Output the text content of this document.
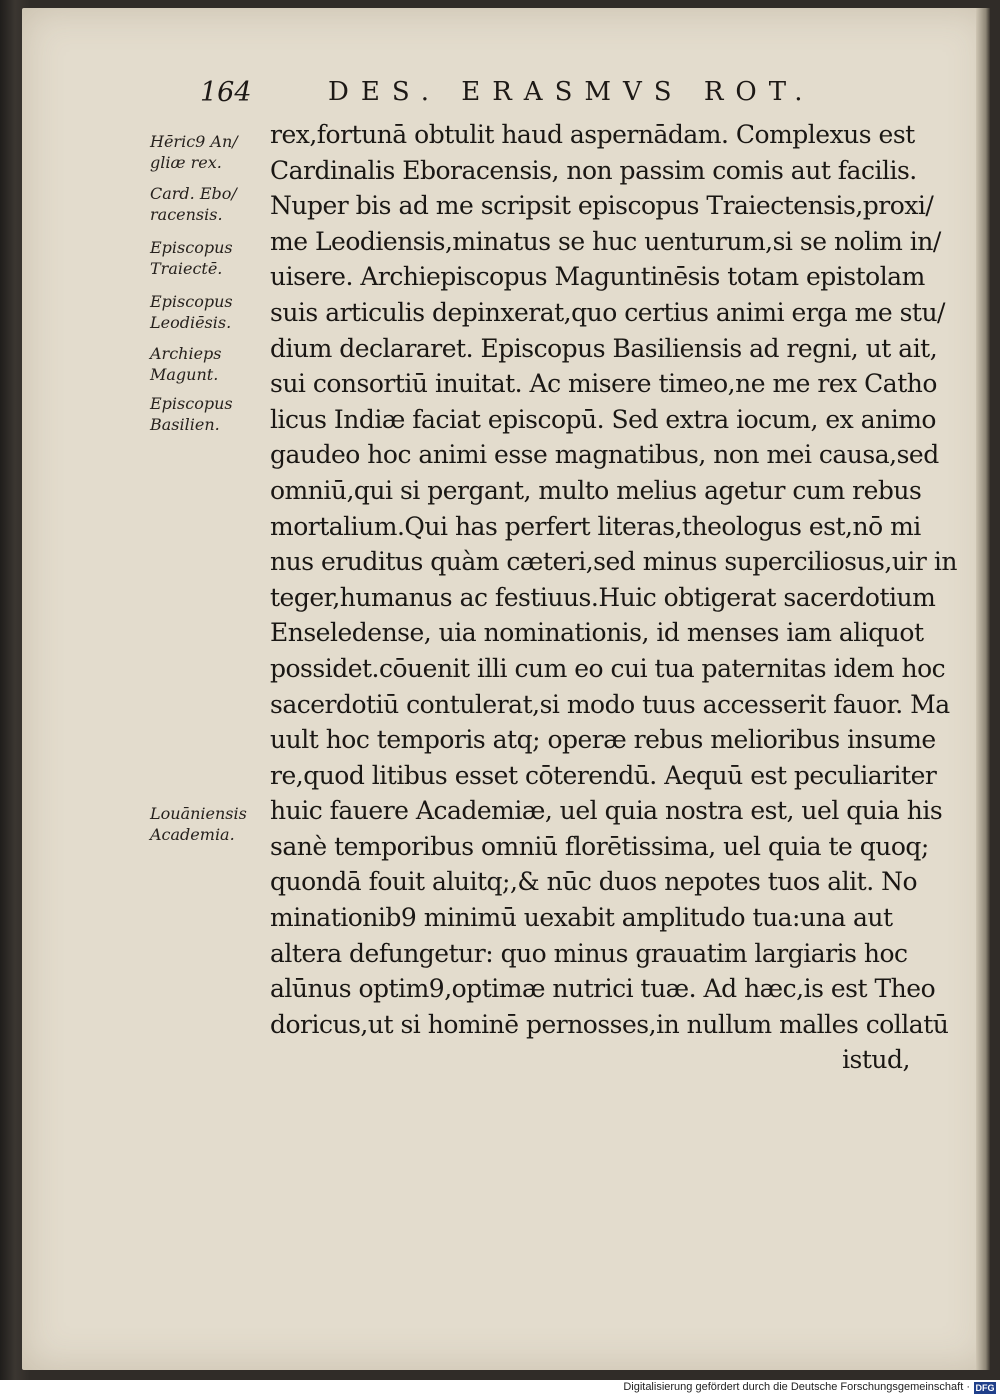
164	DES. ERASMVS ROT.
Hēric9 An/
gliæ rex.
Card. Ebo/
racensis.
Episcopus
Traiectē.
Episcopus
Leodiēsis.
Archieps
Magunt.
Episcopus
Basilien.
Louāniensis
Academia.
rex,fortunā obtulit haud aspernādam. Complexus est
Cardinalis Eboracensis, non passim comis aut facilis.
Nuper bis ad me scripsit episcopus Traiectensis,proxi/
me Leodiensis,minatus se huc uenturum,si se nolim in/
uisere. Archiepiscopus Maguntinēsis totam epistolam
suis articulis depinxerat,quo certius animi erga me stu/
dium declararet. Episcopus Basiliensis ad regni, ut ait,
sui consortiū inuitat. Ac misere timeo,ne me rex Catho
licus Indiæ faciat episcopū. Sed extra iocum, ex animo
gaudeo hoc animi esse magnatibus, non mei causa,sed
omniū,qui si pergant, multo melius agetur cum rebus
mortalium.Qui has perfert literas,theologus est,nō mi
nus eruditus quàm cæteri,sed minus superciliosus,uir in
teger,humanus ac festiuus.Huic obtigerat sacerdotium
Enseledense, uia nominationis, id menses iam aliquot
possidet.cōuenit illi cum eo cui tua paternitas idem hoc
sacerdotiū contulerat,si modo tuus accesserit fauor. Ma
uult hoc temporis atq; operæ rebus melioribus insume
re,quod litibus esset cōterendū. Aequū est peculiariter
huic fauere Academiæ, uel quia nostra est, uel quia his
sanè temporibus omniū florētissima, uel quia te quoq;
quondā fouit aluitq;,& nūc duos nepotes tuos alit. No
minationib9 minimū uexabit amplitudo tua:una aut
altera defungetur: quo minus grauatim largiaris hoc
alūnus optim9,optimæ nutrici tuæ. Ad hæc,is est Theo
doricus,ut si hominē pernosses,in nullum malles collatū
istud,
Digitalisierung gefördert durch die Deutsche Forschungsgemeinschaft · DFG
